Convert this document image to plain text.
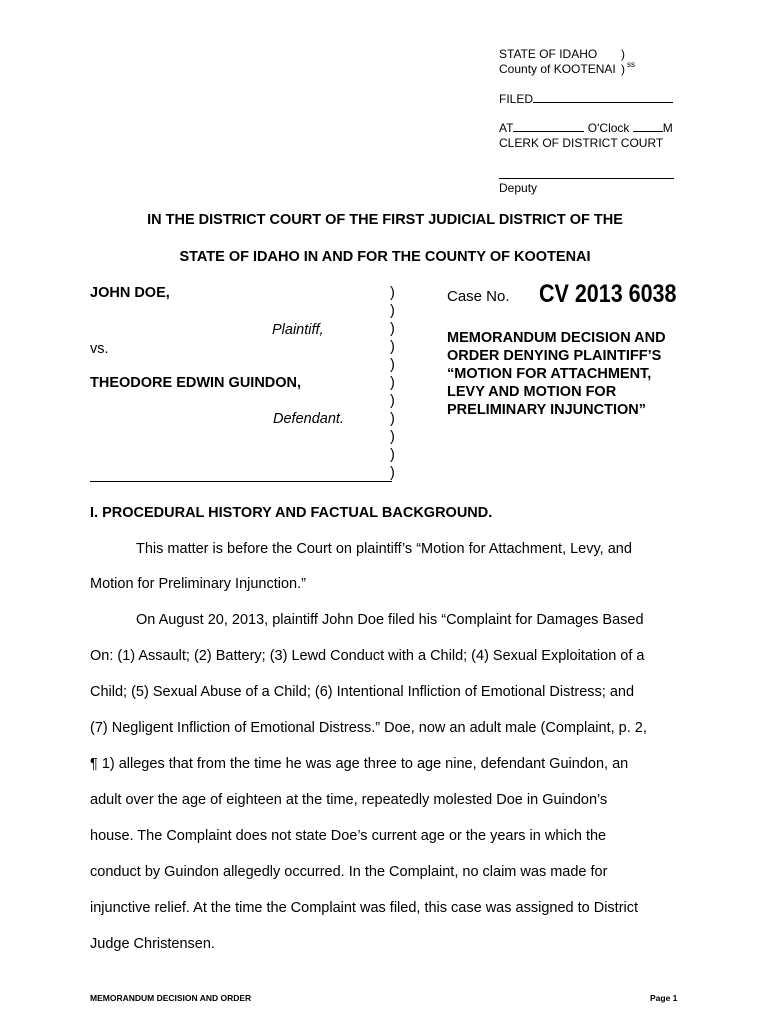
STATE OF IDAHO )
County of KOOTENAI ) ss
FILED
AT	O'Clock	M
CLERK OF DISTRICT COURT
Deputy
IN THE DISTRICT COURT OF THE FIRST JUDICIAL DISTRICT OF THE
STATE OF IDAHO IN AND FOR THE COUNTY OF KOOTENAI
JOHN DOE,
Plaintiff,
vs.
THEODORE EDWIN GUINDON,
Defendant.
)
)
)
)
)
)
)
)
)
)
)
Case No. CV 2013 6038
MEMORANDUM DECISION AND
ORDER DENYING PLAINTIFF’S
“MOTION FOR ATTACHMENT,
LEVY AND MOTION FOR
PRELIMINARY INJUNCTION”
I. PROCEDURAL HISTORY AND FACTUAL BACKGROUND.
This matter is before the Court on plaintiff’s “Motion for Attachment, Levy, and
Motion for Preliminary Injunction.”
On August 20, 2013, plaintiff John Doe filed his “Complaint for Damages Based
On: (1) Assault; (2) Battery; (3) Lewd Conduct with a Child; (4) Sexual Exploitation of a
Child; (5) Sexual Abuse of a Child; (6) Intentional Infliction of Emotional Distress; and
(7) Negligent Infliction of Emotional Distress.” Doe, now an adult male (Complaint, p. 2,
¶ 1) alleges that from the time he was age three to age nine, defendant Guindon, an
adult over the age of eighteen at the time, repeatedly molested Doe in Guindon’s
house. The Complaint does not state Doe’s current age or the years in which the
conduct by Guindon allegedly occurred. In the Complaint, no claim was made for
injunctive relief. At the time the Complaint was filed, this case was assigned to District
Judge Christensen.
MEMORANDUM DECISION AND ORDER	Page 1
